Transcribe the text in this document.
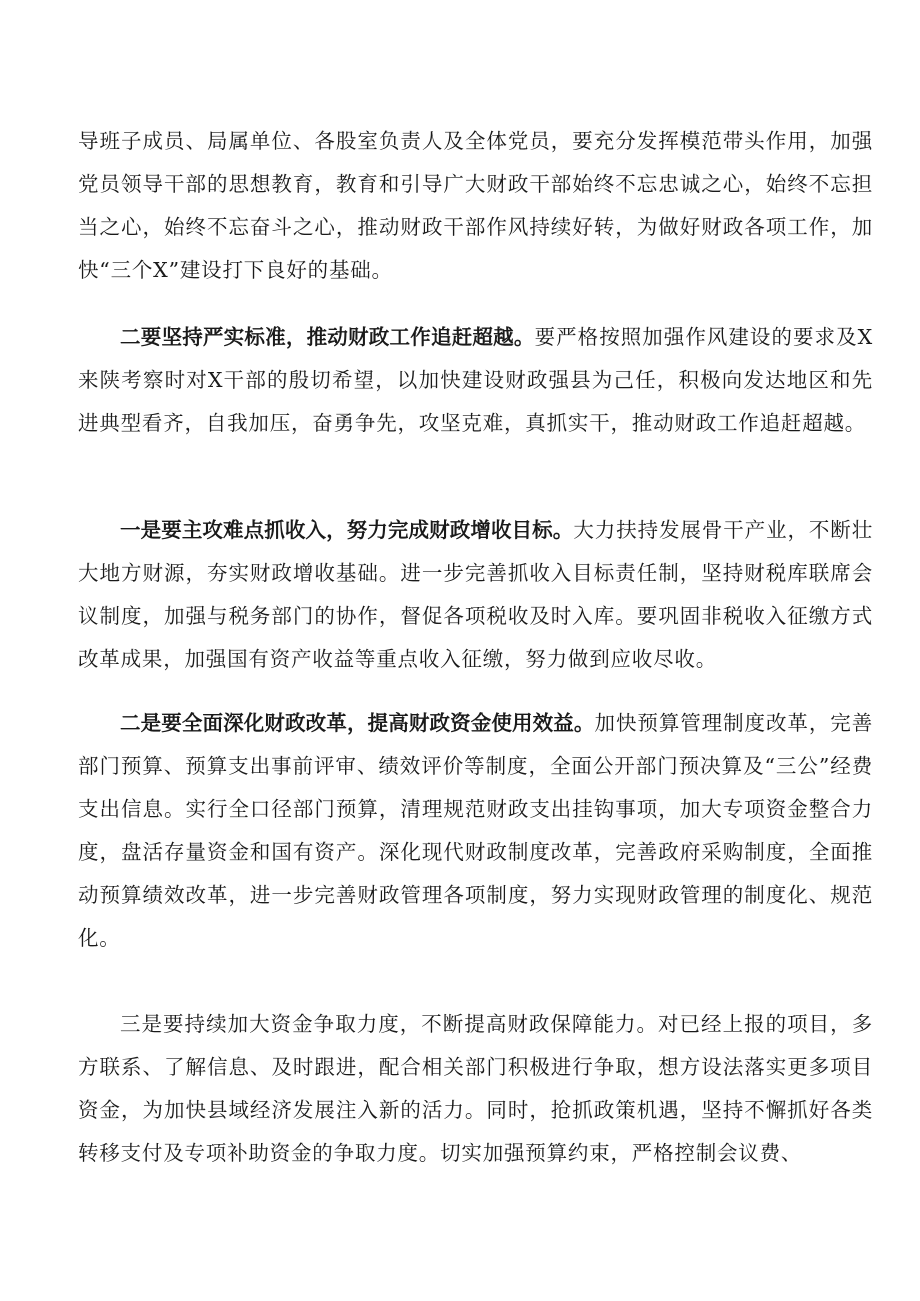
导班子成员、局属单位、各股室负责人及全体党员，要充分发挥模范带头作用，加强党员领导干部的思想教育，教育和引导广大财政干部始终不忘忠诚之心，始终不忘担当之心，始终不忘奋斗之心，推动财政干部作风持续好转，为做好财政各项工作，加快“三个X”建设打下良好的基础。

二要坚持严实标准，推动财政工作追赶超越。要严格按照加强作风建设的要求及X来陕考察时对X干部的殷切希望，以加快建设财政强县为己任，积极向发达地区和先进典型看齐，自我加压，奋勇争先，攻坚克难，真抓实干，推动财政工作追赶超越。

一是要主攻难点抓收入，努力完成财政增收目标。大力扶持发展骨干产业，不断壮大地方财源，夯实财政增收基础。进一步完善抓收入目标责任制，坚持财税库联席会议制度，加强与税务部门的协作，督促各项税收及时入库。要巩固非税收入征缴方式改革成果，加强国有资产收益等重点收入征缴，努力做到应收尽收。

二是要全面深化财政改革，提高财政资金使用效益。加快预算管理制度改革，完善部门预算、预算支出事前评审、绩效评价等制度，全面公开部门预决算及“三公”经费支出信息。实行全口径部门预算，清理规范财政支出挂钩事项，加大专项资金整合力度，盘活存量资金和国有资产。深化现代财政制度改革，完善政府采购制度，全面推动预算绩效改革，进一步完善财政管理各项制度，努力实现财政管理的制度化、规范化。

三是要持续加大资金争取力度，不断提高财政保障能力。对已经上报的项目，多方联系、了解信息、及时跟进，配合相关部门积极进行争取，想方设法落实更多项目资金，为加快县域经济发展注入新的活力。同时，抢抓政策机遇，坚持不懈抓好各类转移支付及专项补助资金的争取力度。切实加强预算约束，严格控制会议费、
